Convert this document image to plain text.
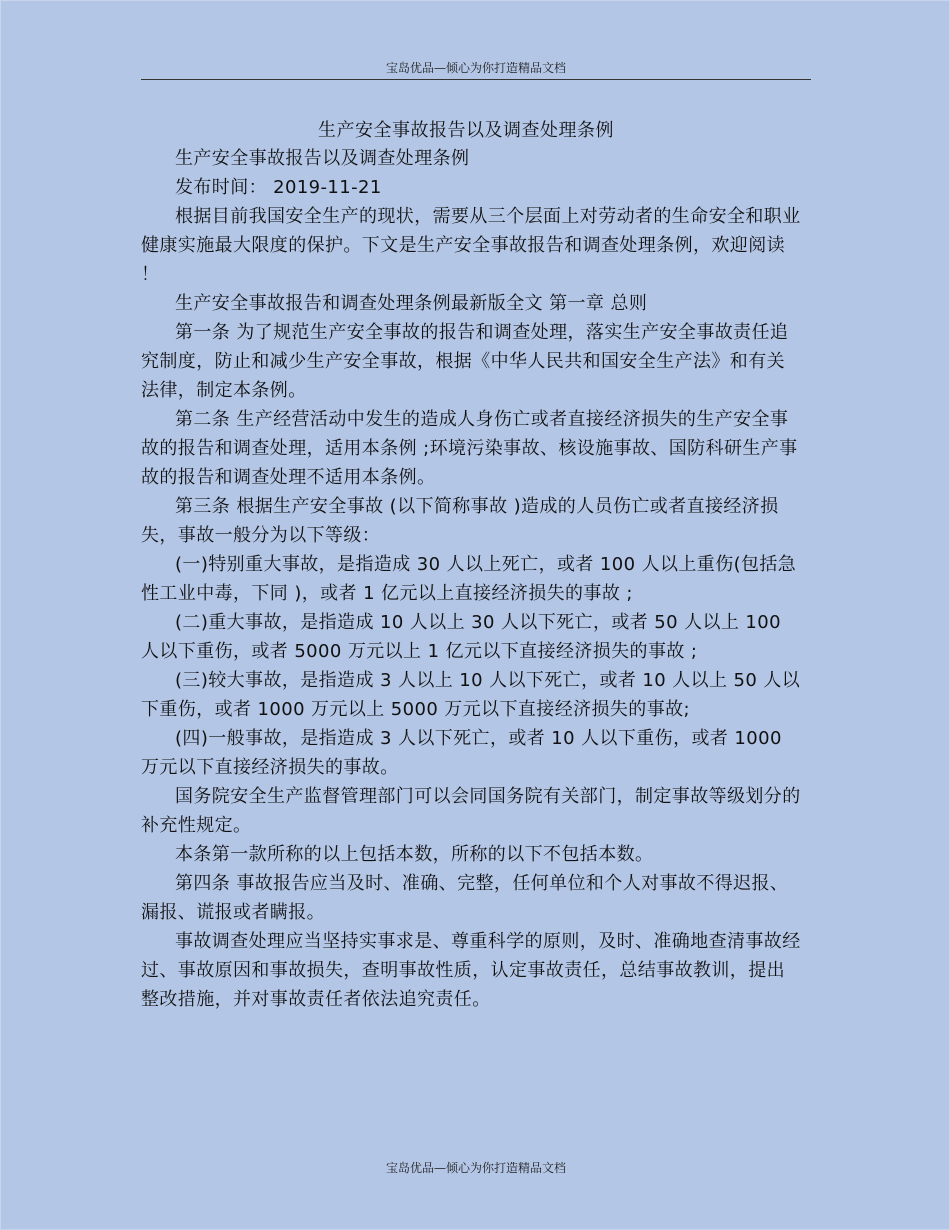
宝岛优品—倾心为你打造精品文档
生产安全事故报告以及调查处理条例

生产安全事故报告以及调查处理条例

发布时间： 2019-11-21

根据目前我国安全生产的现状，需要从三个层面上对劳动者的生命安全和职业健康实施最大限度的保护。下文是生产安全事故报告和调查处理条例，欢迎阅读 ！

生产安全事故报告和调查处理条例最新版全文 第一章 总则

第一条 为了规范生产安全事故的报告和调查处理，落实生产安全事故责任追究制度，防止和减少生产安全事故，根据《中华人民共和国安全生产法》和有关法律，制定本条例。

第二条 生产经营活动中发生的造成人身伤亡或者直接经济损失的生产安全事故的报告和调查处理，适用本条例 ;环境污染事故、核设施事故、国防科研生产事故的报告和调查处理不适用本条例。

第三条 根据生产安全事故 (以下简称事故 )造成的人员伤亡或者直接经济损失，事故一般分为以下等级：

(一)特别重大事故，是指造成 30 人以上死亡，或者 100 人以上重伤(包括急性工业中毒，下同 )，或者 1 亿元以上直接经济损失的事故 ;

(二)重大事故，是指造成 10 人以上 30 人以下死亡，或者 50 人以上 100 人以下重伤，或者 5000 万元以上 1 亿元以下直接经济损失的事故 ;

(三)较大事故，是指造成 3 人以上 10 人以下死亡，或者 10 人以上 50 人以下重伤，或者 1000 万元以上 5000 万元以下直接经济损失的事故;

(四)一般事故，是指造成 3 人以下死亡，或者 10 人以下重伤，或者 1000 万元以下直接经济损失的事故。

国务院安全生产监督管理部门可以会同国务院有关部门，制定事故等级划分的补充性规定。

本条第一款所称的以上包括本数，所称的以下不包括本数。

第四条 事故报告应当及时、准确、完整，任何单位和个人对事故不得迟报、漏报、谎报或者瞒报。

事故调查处理应当坚持实事求是、尊重科学的原则，及时、准确地查清事故经过、事故原因和事故损失，查明事故性质，认定事故责任，总结事故教训，提出整改措施，并对事故责任者依法追究责任。

宝岛优品—倾心为你打造精品文档
